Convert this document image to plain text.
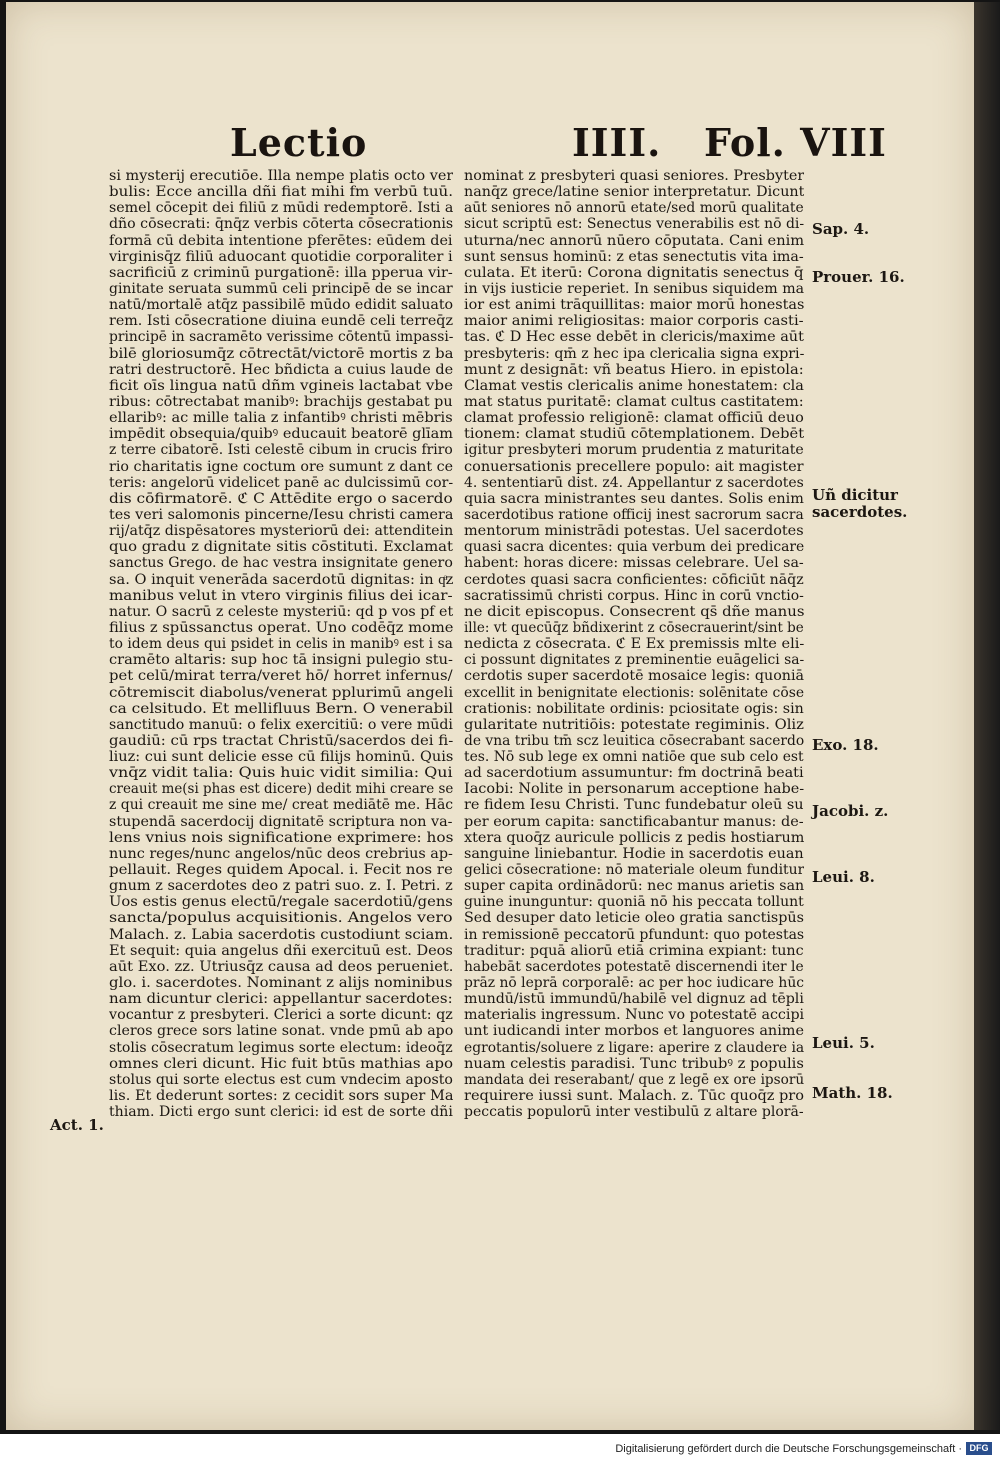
Lectio	IIII. Fol. VIII
si mysterij erecutiōe. Illa nempe platis octo ver
bulis: Ecce ancilla dñi fiat mihi fm verbū tuū.
semel cōcepit dei filiū z mūdi redemptorē. Isti a
dño cōsecrati: q̄nq̄z verbis cōterta cōsecrationis
formā cū debita intentione pferētes: eūdem dei
virginisq̄z filiū aduocant quotidie corporaliter i
sacrificiū z criminū purgationē: illa pperua vir-
ginitate seruata summū celi principē de se incar
natū/mortalē atq̄z passibilē mūdo edidit saluato
rem. Isti cōsecratione diuina eundē celi terreq̄z
principē in sacramēto verissime cōtentū impassi-
bilē gloriosumq̄z cōtrectāt/victorē mortis z ba
ratri destructorē. Hec bñdicta a cuius laude de
ficit oīs lingua natū dñm vgineis lactabat vbe
ribus: cōtrectabat manibꝰ: brachijs gestabat pu
ellaribꝰ: ac mille talia z infantibꝰ christi mēbris
impēdit obsequia/quibꝰ educauit beatorē glīam
z terre cibatorē. Isti celestē cibum in crucis friro
rio charitatis igne coctum ore sumunt z dant ce
teris: angelorū videlicet panē ac dulcissimū cor-
dis cōfirmatorē. ℭ C Attēdite ergo o sacerdo
tes veri salomonis pincerne/Iesu christi camera
rij/atq̄z dispēsatores mysteriorū dei: attenditein
quo gradu z dignitate sitis cōstituti. Exclamat
sanctus Grego. de hac vestra insignitate genero
sa. O inquit venerāda sacerdotū dignitas: in qͣz
manibus velut in vtero virginis filius dei icar-
natur. O sacrū z celeste mysteriū: qd̄ p vos pf et
filius z spūssanctus operat. Uno codēq̄z mome
to idem deus qui psidet in celis in manibꝰ est i sa
cramēto altaris: sup hoc tā insigni pulegio stu-
pet celū/mirat terra/veret hō/ horret infernus/
cōtremiscit diabolus/venerat pplurimū angeli
ca celsitudo. Et mellifluus Bern. O venerabil
sanctitudo manuū: o felix exercitiū: o vere mūdi
gaudiū: cū rps tractat Christū/sacerdos dei fi-
liuz: cui sunt delicie esse cū filijs hominū. Quis
vnq̄z vidit talia: Quis huic vidit similia: Qui
creauit me(si phas est dicere) dedit mihi creare se
z qui creauit me sine me/ creat mediātē me. Hāc
stupendā sacerdocij dignitatē scriptura non va-
lens vnius nois significatione exprimere: hos
nunc reges/nunc angelos/nūc deos crebrius ap-
pellauit. Reges quidem Apocal. i. Fecit nos re
gnum z sacerdotes deo z patri suo. z. I. Petri. z
Uos estis genus electū/regale sacerdotiū/gens
sancta/populus acquisitionis. Angelos vero
Malach. z. Labia sacerdotis custodiunt sciam.
Et sequit: quia angelus dñi exercituū est. Deos
aūt Exo. zz. Utriusq̄z causa ad deos perueniet.
glo. i. sacerdotes. Nominant z alijs nominibus
nam dicuntur clerici: appellantur sacerdotes:
vocantur z presbyteri. Clerici a sorte dicunt: qz
cleros grece sors latine sonat. vnde pmū ab apo
stolis cōsecratum legimus sorte electum: ideoq̄z
omnes cleri dicunt. Hic fuit btūs mathias apo
stolus qui sorte electus est cum vndecim aposto
lis. Et dederunt sortes: z cecidit sors super Ma
thiam. Dicti ergo sunt clerici: id est de sorte dñi
nominat z presbyteri quasi seniores. Presbyter
nanq̄z grece/latine senior interpretatur. Dicunt
aūt seniores nō annorū etate/sed morū qualitate
sicut scriptū est: Senectus venerabilis est nō di-
uturna/nec annorū nūero cōputata. Cani enim
sunt sensus hominū: z etas senectutis vita ima-
culata. Et iterū: Corona dignitatis senectus q̄
in vijs iusticie reperiet. In senibus siquidem ma
ior est animi trāquillitas: maior morū honestas
maior animi religiositas: maior corporis casti-
tas. ℭ D Hec esse debēt in clericis/maxime aūt
presbyteris: qm̄ z hec ipa clericalia signa expri-
munt z designāt: vñ beatus Hiero. in epistola:
Clamat vestis clericalis anime honestatem: cla
mat status puritatē: clamat cultus castitatem:
clamat professio religionē: clamat officiū deuo
tionem: clamat studiū cōtemplationem. Debēt
igitur presbyteri morum prudentia z maturitate
conuersationis precellere populo: ait magister
4. sententiarū dist. z4. Appellantur z sacerdotes
quia sacra ministrantes seu dantes. Solis enim
sacerdotibus ratione officij inest sacrorum sacra
mentorum ministrādi potestas. Uel sacerdotes
quasi sacra dicentes: quia verbum dei predicare
habent: horas dicere: missas celebrare. Uel sa-
cerdotes quasi sacra conficientes: cōficiūt nāq̄z
sacratissimū christi corpus. Hinc in corū vnctio-
ne dicit episcopus. Consecrent qs̄ dñe manus
ille: vt quecūq̄z bñdixerint z cōsecrauerint/sint be
nedicta z cōsecrata. ℭ E Ex premissis mlte eli-
ci possunt dignitates z preminentie euāgelici sa-
cerdotis super sacerdotē mosaice legis: quoniā
excellit in benignitate electionis: solēnitate cōse
crationis: nobilitate ordinis: pciositate ogis: sin
gularitate nutritiōis: potestate regiminis. Oliz
de vna tribu tm̄ scz leuitica cōsecrabant sacerdo
tes. Nō sub lege ex omni natiōe que sub celo est
ad sacerdotium assumuntur: fm doctrinā beati
Iacobi: Nolite in personarum acceptione habe-
re fidem Iesu Christi. Tunc fundebatur oleū su
per eorum capita: sanctificabantur manus: de-
xtera quoq̄z auricule pollicis z pedis hostiarum
sanguine liniebantur. Hodie in sacerdotis euan
gelici cōsecratione: nō materiale oleum funditur
super capita ordinādorū: nec manus arietis san
guine inunguntur: quoniā nō his peccata tollunt
Sed desuper dato leticie oleo gratia sanctispūs
in remissionē peccatorū pfundunt: quo potestas
traditur: pquā aliorū etiā crimina expiant: tunc
habebāt sacerdotes potestatē discernendi iter le
prāz nō leprā corporalē: ac per hoc iudicare hūc
mundū/istū immundū/habilē vel dignuz ad tēpli
materialis ingressum. Nunc vo potestatē accipi
unt iudicandi inter morbos et languores anime
egrotantis/soluere z ligare: aperire z claudere ia
nuam celestis paradisi. Tunc tribubꝰ z populis
mandata dei reserabant/ que z legē ex ore ipsorū
requirere iussi sunt. Malach. z. Tūc quoq̄z pro
peccatis populorū inter vestibulū z altare plorā-
Sap. 4.
Prouer. 16.
Uñ dicitur
sacerdotes.
Exo. 18.
Jacobi. z.
Leui. 8.
Leui. 5.
Math. 18.
Act. 1.
Digitalisierung gefördert durch die Deutsche Forschungsgemeinschaft · DFG
